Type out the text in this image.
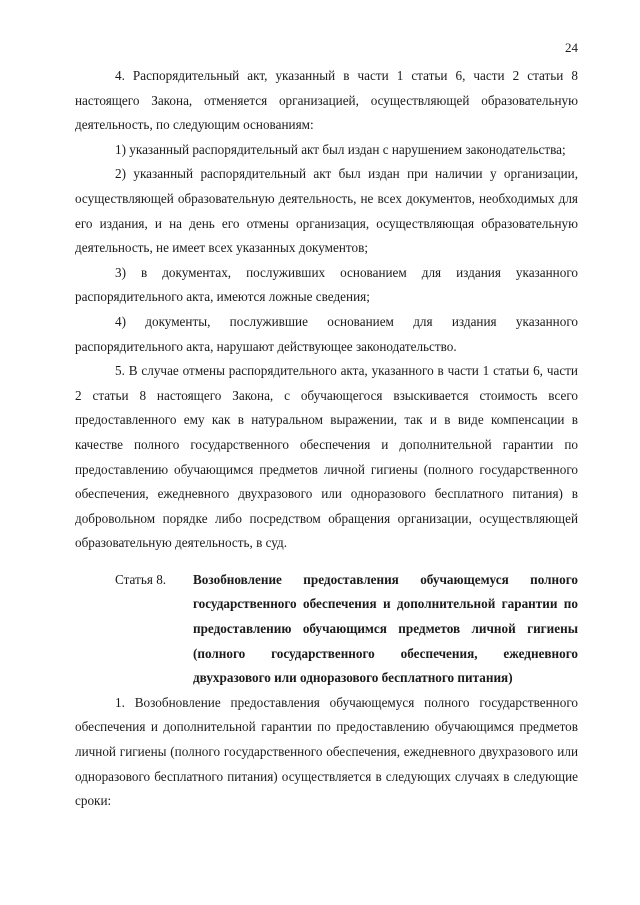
24

4. Распорядительный акт, указанный в части 1 статьи 6, части 2 статьи 8 настоящего Закона, отменяется организацией, осуществляющей образовательную деятельность, по следующим основаниям:

1) указанный распорядительный акт был издан с нарушением законодательства;

2) указанный распорядительный акт был издан при наличии у организации, осуществляющей образовательную деятельность, не всех документов, необходимых для его издания, и на день его отмены организация, осуществляющая образовательную деятельность, не имеет всех указанных документов;

3) в документах, послуживших основанием для издания указанного распорядительного акта, имеются ложные сведения;

4) документы, послужившие основанием для издания указанного распорядительного акта, нарушают действующее законодательство.

5. В случае отмены распорядительного акта, указанного в части 1 статьи 6, части 2 статьи 8 настоящего Закона, с обучающегося взыскивается стоимость всего предоставленного ему как в натуральном выражении, так и в виде компенсации в качестве полного государственного обеспечения и дополнительной гарантии по предоставлению обучающимся предметов личной гигиены (полного государственного обеспечения, ежедневного двухразового или одноразового бесплатного питания) в добровольном порядке либо посредством обращения организации, осуществляющей образовательную деятельность, в суд.

Статья 8.	Возобновление предоставления обучающемуся полного государственного обеспечения и дополнительной гарантии по предоставлению обучающимся предметов личной гигиены (полного государственного обеспечения, ежедневного двухразового или одноразового бесплатного питания)

1. Возобновление предоставления обучающемуся полного государственного обеспечения и дополнительной гарантии по предоставлению обучающимся предметов личной гигиены (полного государственного обеспечения, ежедневного двухразового или одноразового бесплатного питания) осуществляется в следующих случаях в следующие сроки:
